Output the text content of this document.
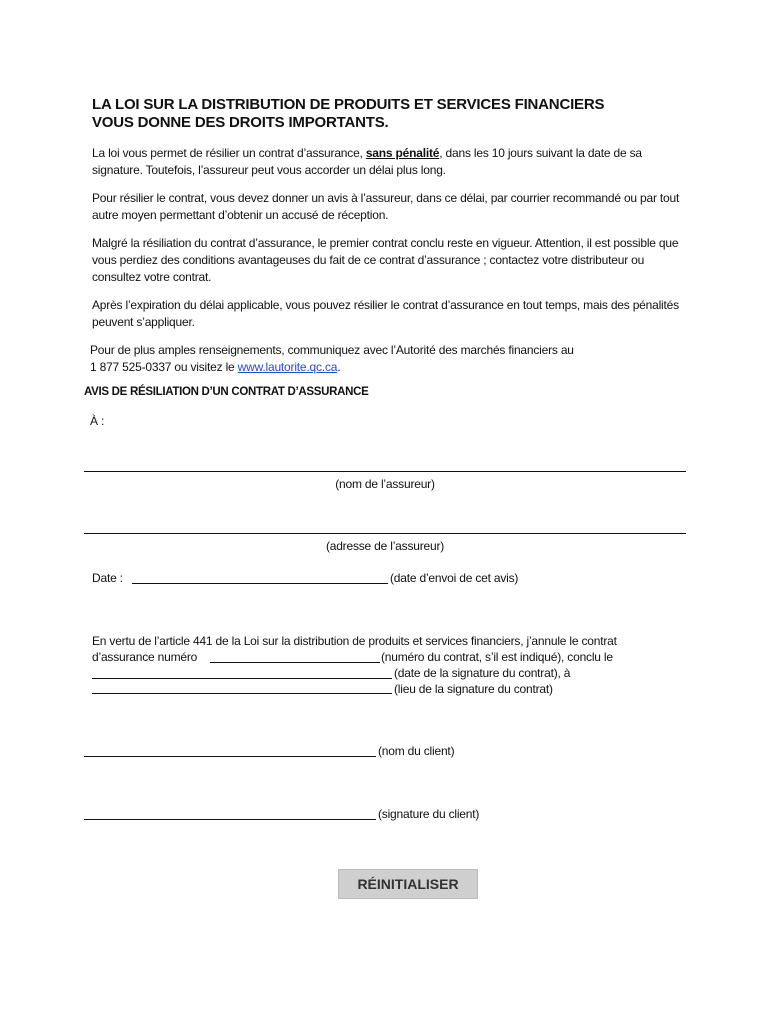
LA LOI SUR LA DISTRIBUTION DE PRODUITS ET SERVICES FINANCIERS
VOUS DONNE DES DROITS IMPORTANTS.

La loi vous permet de résilier un contrat d’assurance, sans pénalité, dans les 10 jours suivant la date de sa signature. Toutefois, l’assureur peut vous accorder un délai plus long.

Pour résilier le contrat, vous devez donner un avis à l’assureur, dans ce délai, par courrier recommandé ou par tout autre moyen permettant d’obtenir un accusé de réception.

Malgré la résiliation du contrat d’assurance, le premier contrat conclu reste en vigueur. Attention, il est possible que vous perdiez des conditions avantageuses du fait de ce contrat d’assurance ; contactez votre distributeur ou consultez votre contrat.

Après l’expiration du délai applicable, vous pouvez résilier le contrat d’assurance en tout temps, mais des pénalités peuvent s’appliquer.

Pour de plus amples renseignements, communiquez avec l’Autorité des marchés financiers au
1 877 525-0337 ou visitez le www.lautorite.qc.ca.

AVIS DE RÉSILIATION D’UN CONTRAT D’ASSURANCE
À :
(nom de l’assureur)
(adresse de l’assureur)
Date :	(date d’envoi de cet avis)
En vertu de l’article 441 de la Loi sur la distribution de produits et services financiers, j’annule le contrat
d’assurance numéro	(numéro du contrat, s’il est indiqué), conclu le
(date de la signature du contrat), à
(lieu de la signature du contrat)
(nom du client)
(signature du client)
RÉINITIALISER
